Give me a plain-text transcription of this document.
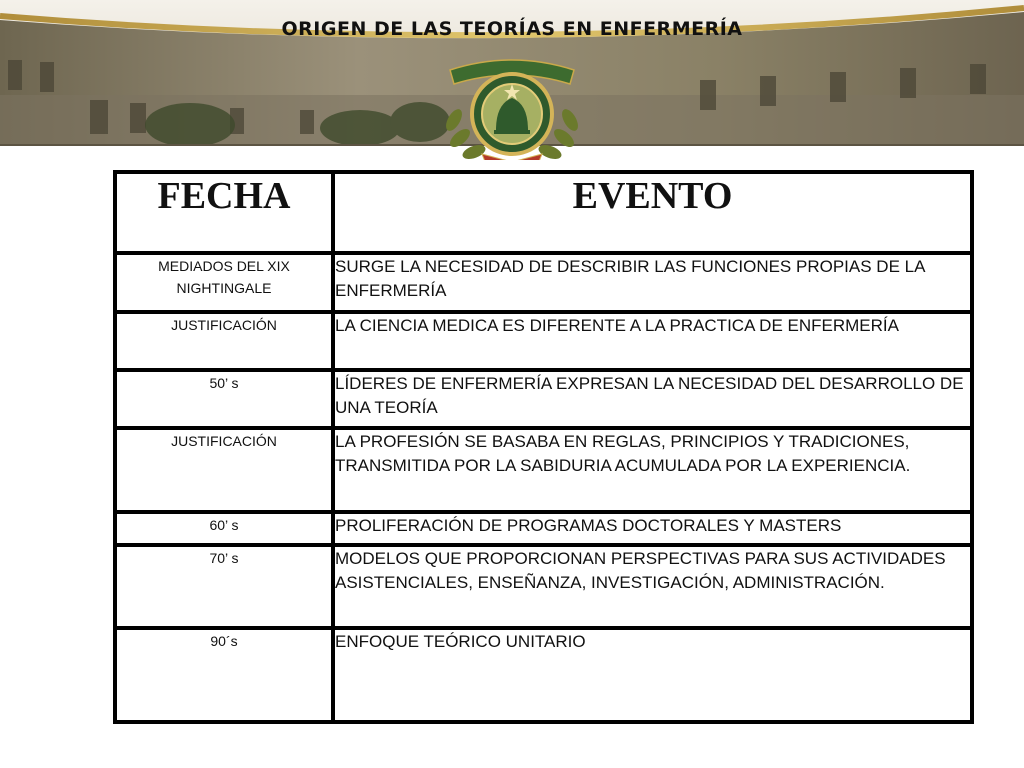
ORIGEN DE LAS TEORÍAS EN ENFERMERÍA
FECHA	EVENTO

MEDIADOS DEL XIX
NIGHTINGALE	SURGE LA NECESIDAD DE DESCRIBIR LAS FUNCIONES PROPIAS DE LA ENFERMERÍA

JUSTIFICACIÓN	LA CIENCIA MEDICA ES DIFERENTE A LA PRACTICA DE ENFERMERÍA

50’ s	LÍDERES DE ENFERMERÍA EXPRESAN LA NECESIDAD DEL DESARROLLO DE UNA TEORÍA

JUSTIFICACIÓN	LA PROFESIÓN SE BASABA EN REGLAS, PRINCIPIOS Y TRADICIONES, TRANSMITIDA POR LA SABIDURIA ACUMULADA POR LA EXPERIENCIA.

60’ s	PROLIFERACIÓN DE PROGRAMAS DOCTORALES Y MASTERS

70’ s	MODELOS QUE PROPORCIONAN PERSPECTIVAS PARA SUS ACTIVIDADES ASISTENCIALES, ENSEÑANZA, INVESTIGACIÓN, ADMINISTRACIÓN.

90´s	ENFOQUE TEÓRICO UNITARIO
